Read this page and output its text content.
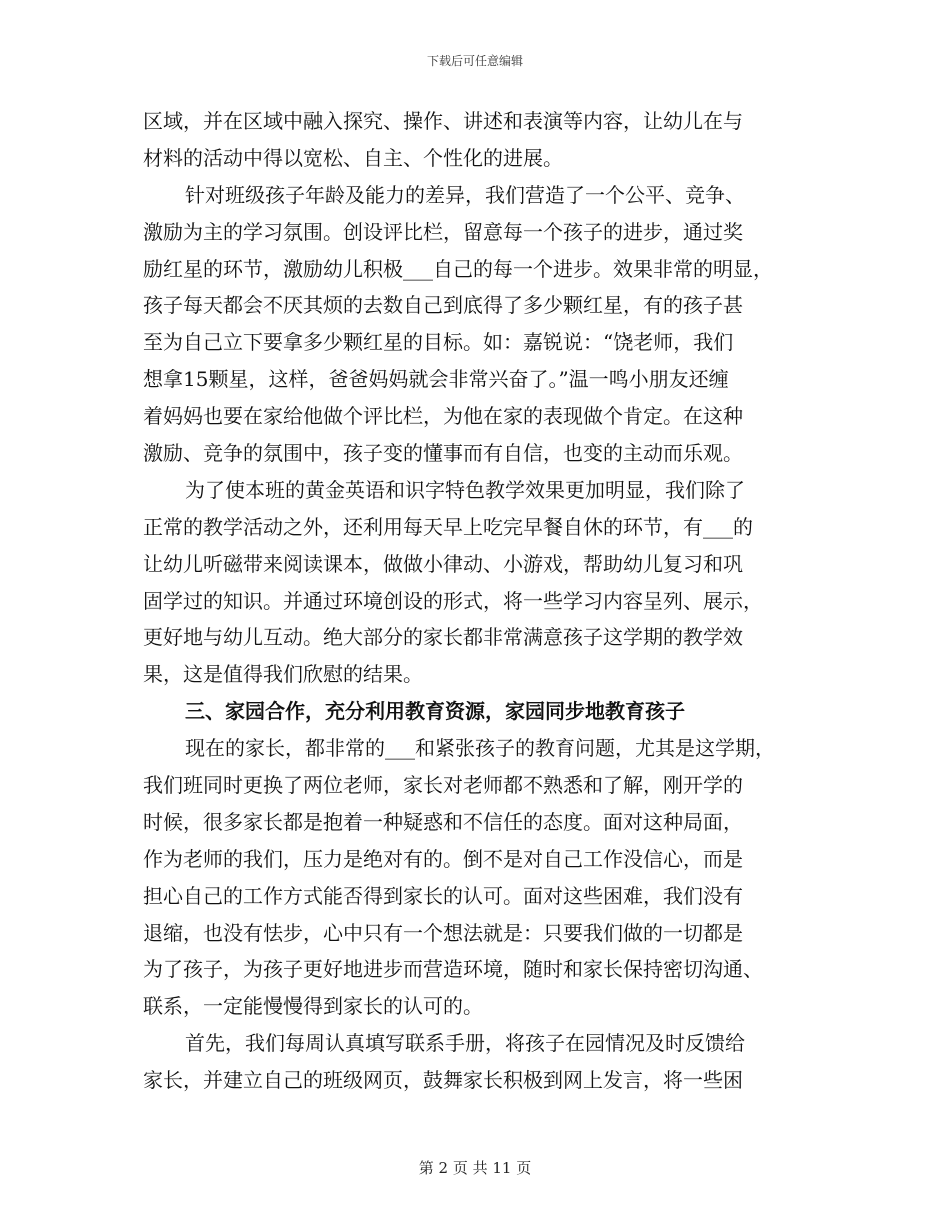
下载后可任意编辑
区域，并在区域中融入探究、操作、讲述和表演等内容，让幼儿在与
材料的活动中得以宽松、自主、个性化的进展。
针对班级孩子年龄及能力的差异，我们营造了一个公平、竞争、
激励为主的学习氛围。创设评比栏，留意每一个孩子的进步，通过奖
励红星的环节，激励幼儿积极___自己的每一个进步。效果非常的明显，
孩子每天都会不厌其烦的去数自己到底得了多少颗红星，有的孩子甚
至为自己立下要拿多少颗红星的目标。如：嘉锐说：“饶老师，我们
想拿15颗星，这样，爸爸妈妈就会非常兴奋了。”温一鸣小朋友还缠
着妈妈也要在家给他做个评比栏，为他在家的表现做个肯定。在这种
激励、竞争的氛围中，孩子变的懂事而有自信，也变的主动而乐观。
为了使本班的黄金英语和识字特色教学效果更加明显，我们除了
正常的教学活动之外，还利用每天早上吃完早餐自休的环节，有___的
让幼儿听磁带来阅读课本，做做小律动、小游戏，帮助幼儿复习和巩
固学过的知识。并通过环境创设的形式，将一些学习内容呈列、展示，
更好地与幼儿互动。绝大部分的家长都非常满意孩子这学期的教学效
果，这是值得我们欣慰的结果。
三、家园合作，充分利用教育资源，家园同步地教育孩子
现在的家长，都非常的___和紧张孩子的教育问题，尤其是这学期，
我们班同时更换了两位老师，家长对老师都不熟悉和了解，刚开学的
时候，很多家长都是抱着一种疑惑和不信任的态度。面对这种局面，
作为老师的我们，压力是绝对有的。倒不是对自己工作没信心，而是
担心自己的工作方式能否得到家长的认可。面对这些困难，我们没有
退缩，也没有怯步，心中只有一个想法就是：只要我们做的一切都是
为了孩子，为孩子更好地进步而营造环境，随时和家长保持密切沟通、
联系，一定能慢慢得到家长的认可的。
首先，我们每周认真填写联系手册，将孩子在园情况及时反馈给
家长，并建立自己的班级网页，鼓舞家长积极到网上发言，将一些困
第 2 页 共 11 页
